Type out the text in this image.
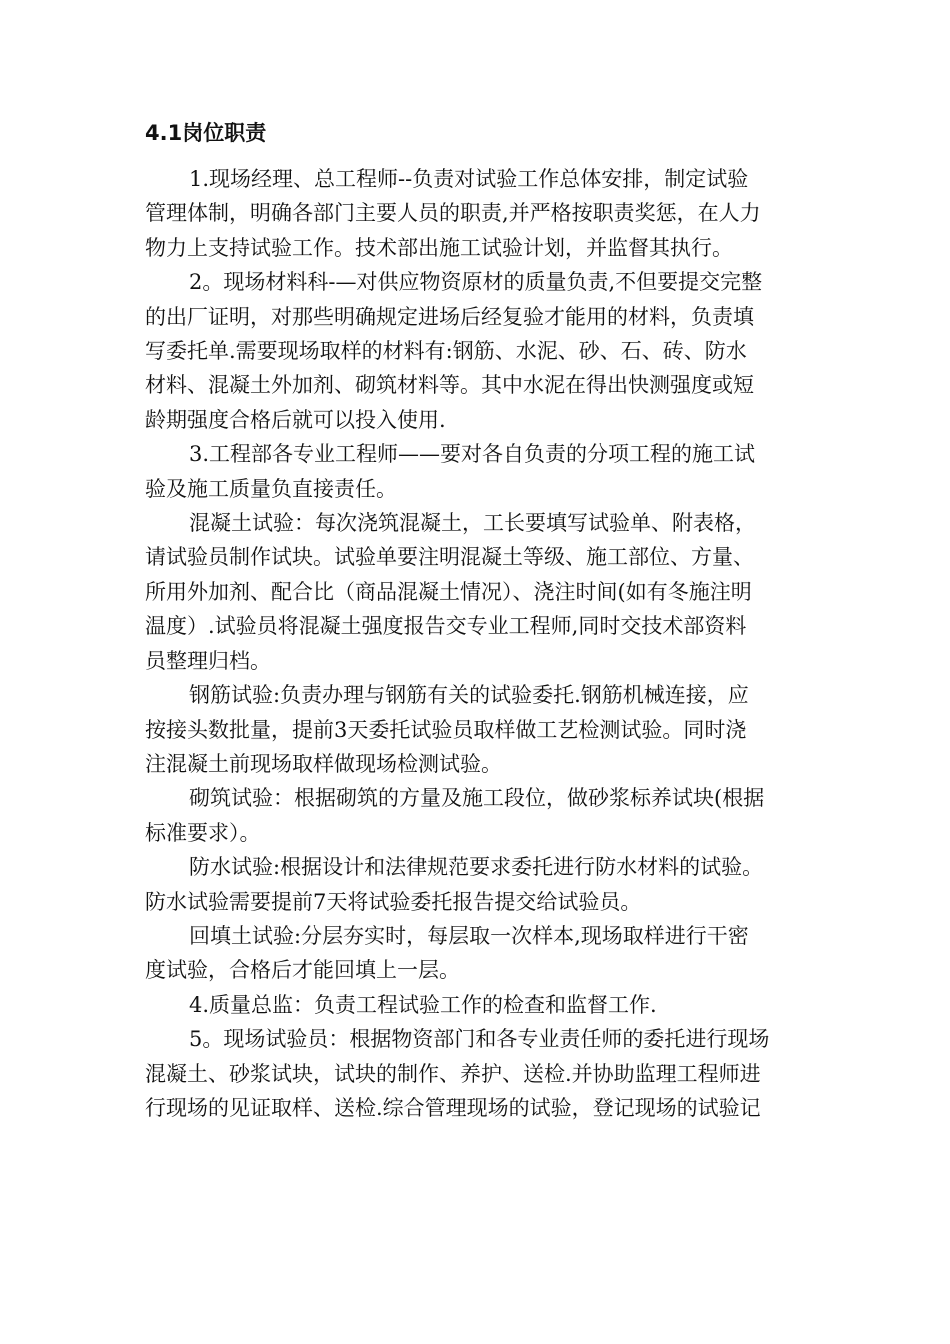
4.1岗位职责

1.现场经理、总工程师--负责对试验工作总体安排，制定试验
管理体制，明确各部门主要人员的职责,并严格按职责奖惩，在人力
物力上支持试验工作。技术部出施工试验计划，并监督其执行。

2。现场材料科-—对供应物资原材的质量负责,不但要提交完整
的出厂证明，对那些明确规定进场后经复验才能用的材料，负责填
写委托单.需要现场取样的材料有:钢筋、水泥、砂、石、砖、防水
材料、混凝土外加剂、砌筑材料等。其中水泥在得出快测强度或短
龄期强度合格后就可以投入使用.

3.工程部各专业工程师——要对各自负责的分项工程的施工试
验及施工质量负直接责任。

混凝土试验：每次浇筑混凝土，工长要填写试验单、附表格，
请试验员制作试块。试验单要注明混凝土等级、施工部位、方量、
所用外加剂、配合比（商品混凝土情况）、浇注时间(如有冬施注明
温度）.试验员将混凝土强度报告交专业工程师,同时交技术部资料
员整理归档。

钢筋试验:负责办理与钢筋有关的试验委托.钢筋机械连接，应
按接头数批量，提前3天委托试验员取样做工艺检测试验。同时浇
注混凝土前现场取样做现场检测试验。

砌筑试验：根据砌筑的方量及施工段位，做砂浆标养试块(根据
标准要求）。

防水试验:根据设计和法律规范要求委托进行防水材料的试验。
防水试验需要提前7天将试验委托报告提交给试验员。

回填土试验:分层夯实时，每层取一次样本,现场取样进行干密
度试验，合格后才能回填上一层。

4.质量总监：负责工程试验工作的检查和监督工作.

5。现场试验员：根据物资部门和各专业责任师的委托进行现场
混凝土、砂浆试块，试块的制作、养护、送检.并协助监理工程师进
行现场的见证取样、送检.综合管理现场的试验，登记现场的试验记
